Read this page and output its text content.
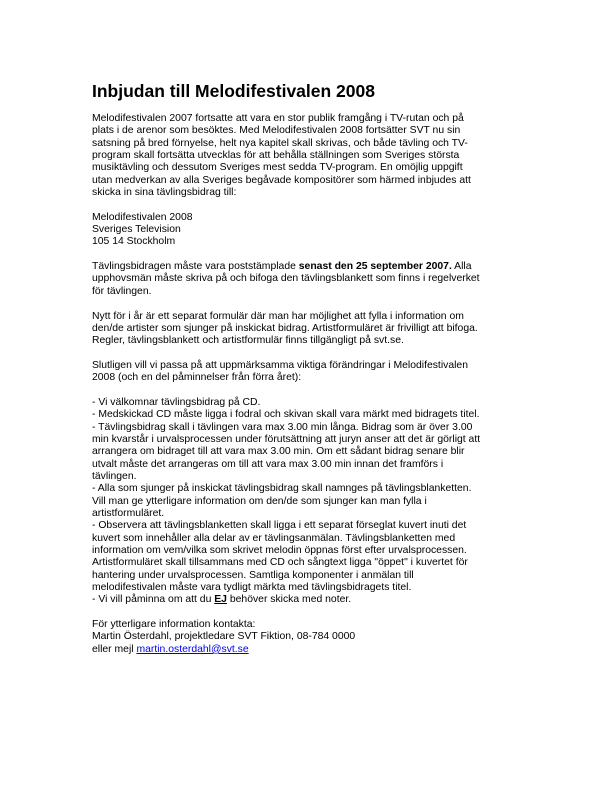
Inbjudan till Melodifestivalen 2008

Melodifestivalen 2007 fortsatte att vara en stor publik framgång i TV-rutan och på
plats i de arenor som besöktes. Med Melodifestivalen 2008 fortsätter SVT nu sin
satsning på bred förnyelse, helt nya kapitel skall skrivas, och både tävling och TV-
program skall fortsätta utvecklas för att behålla ställningen som Sveriges största
musiktävling och dessutom Sveriges mest sedda TV-program. En omöjlig uppgift
utan medverkan av alla Sveriges begåvade kompositörer som härmed inbjudes att
skicka in sina tävlingsbidrag till:

Melodifestivalen 2008
Sveriges Television
105 14 Stockholm

Tävlingsbidragen måste vara poststämplade senast den 25 september 2007. Alla
upphovsmän måste skriva på och bifoga den tävlingsblankett som finns i regelverket
för tävlingen.

Nytt för i år är ett separat formulär där man har möjlighet att fylla i information om
den/de artister som sjunger på inskickat bidrag. Artistformuläret är frivilligt att bifoga.
Regler, tävlingsblankett och artistformulär finns tillgängligt på svt.se.

Slutligen vill vi passa på att uppmärksamma viktiga förändringar i Melodifestivalen
2008 (och en del påminnelser från förra året):

- Vi välkomnar tävlingsbidrag på CD.
- Medskickad CD måste ligga i fodral och skivan skall vara märkt med bidragets titel.
- Tävlingsbidrag skall i tävlingen vara max 3.00 min långa. Bidrag som är över 3.00
min kvarstår i urvalsprocessen under förutsättning att juryn anser att det är görligt att
arrangera om bidraget till att vara max 3.00 min. Om ett sådant bidrag senare blir
utvalt måste det arrangeras om till att vara max 3.00 min innan det framförs i
tävlingen.
- Alla som sjunger på inskickat tävlingsbidrag skall namnges på tävlingsblanketten.
Vill man ge ytterligare information om den/de som sjunger kan man fylla i
artistformuläret.
- Observera att tävlingsblanketten skall ligga i ett separat förseglat kuvert inuti det
kuvert som innehåller alla delar av er tävlingsanmälan. Tävlingsblanketten med
information om vem/vilka som skrivet melodin öppnas först efter urvalsprocessen.
Artistformuläret skall tillsammans med CD och sångtext ligga "öppet" i kuvertet för
hantering under urvalsprocessen. Samtliga komponenter i anmälan till
melodifestivalen måste vara tydligt märkta med tävlingsbidragets titel.
- Vi vill påminna om att du EJ behöver skicka med noter.

För ytterligare information kontakta:
Martin Österdahl, projektledare SVT Fiktion, 08-784 0000
eller mejl martin.osterdahl@svt.se
